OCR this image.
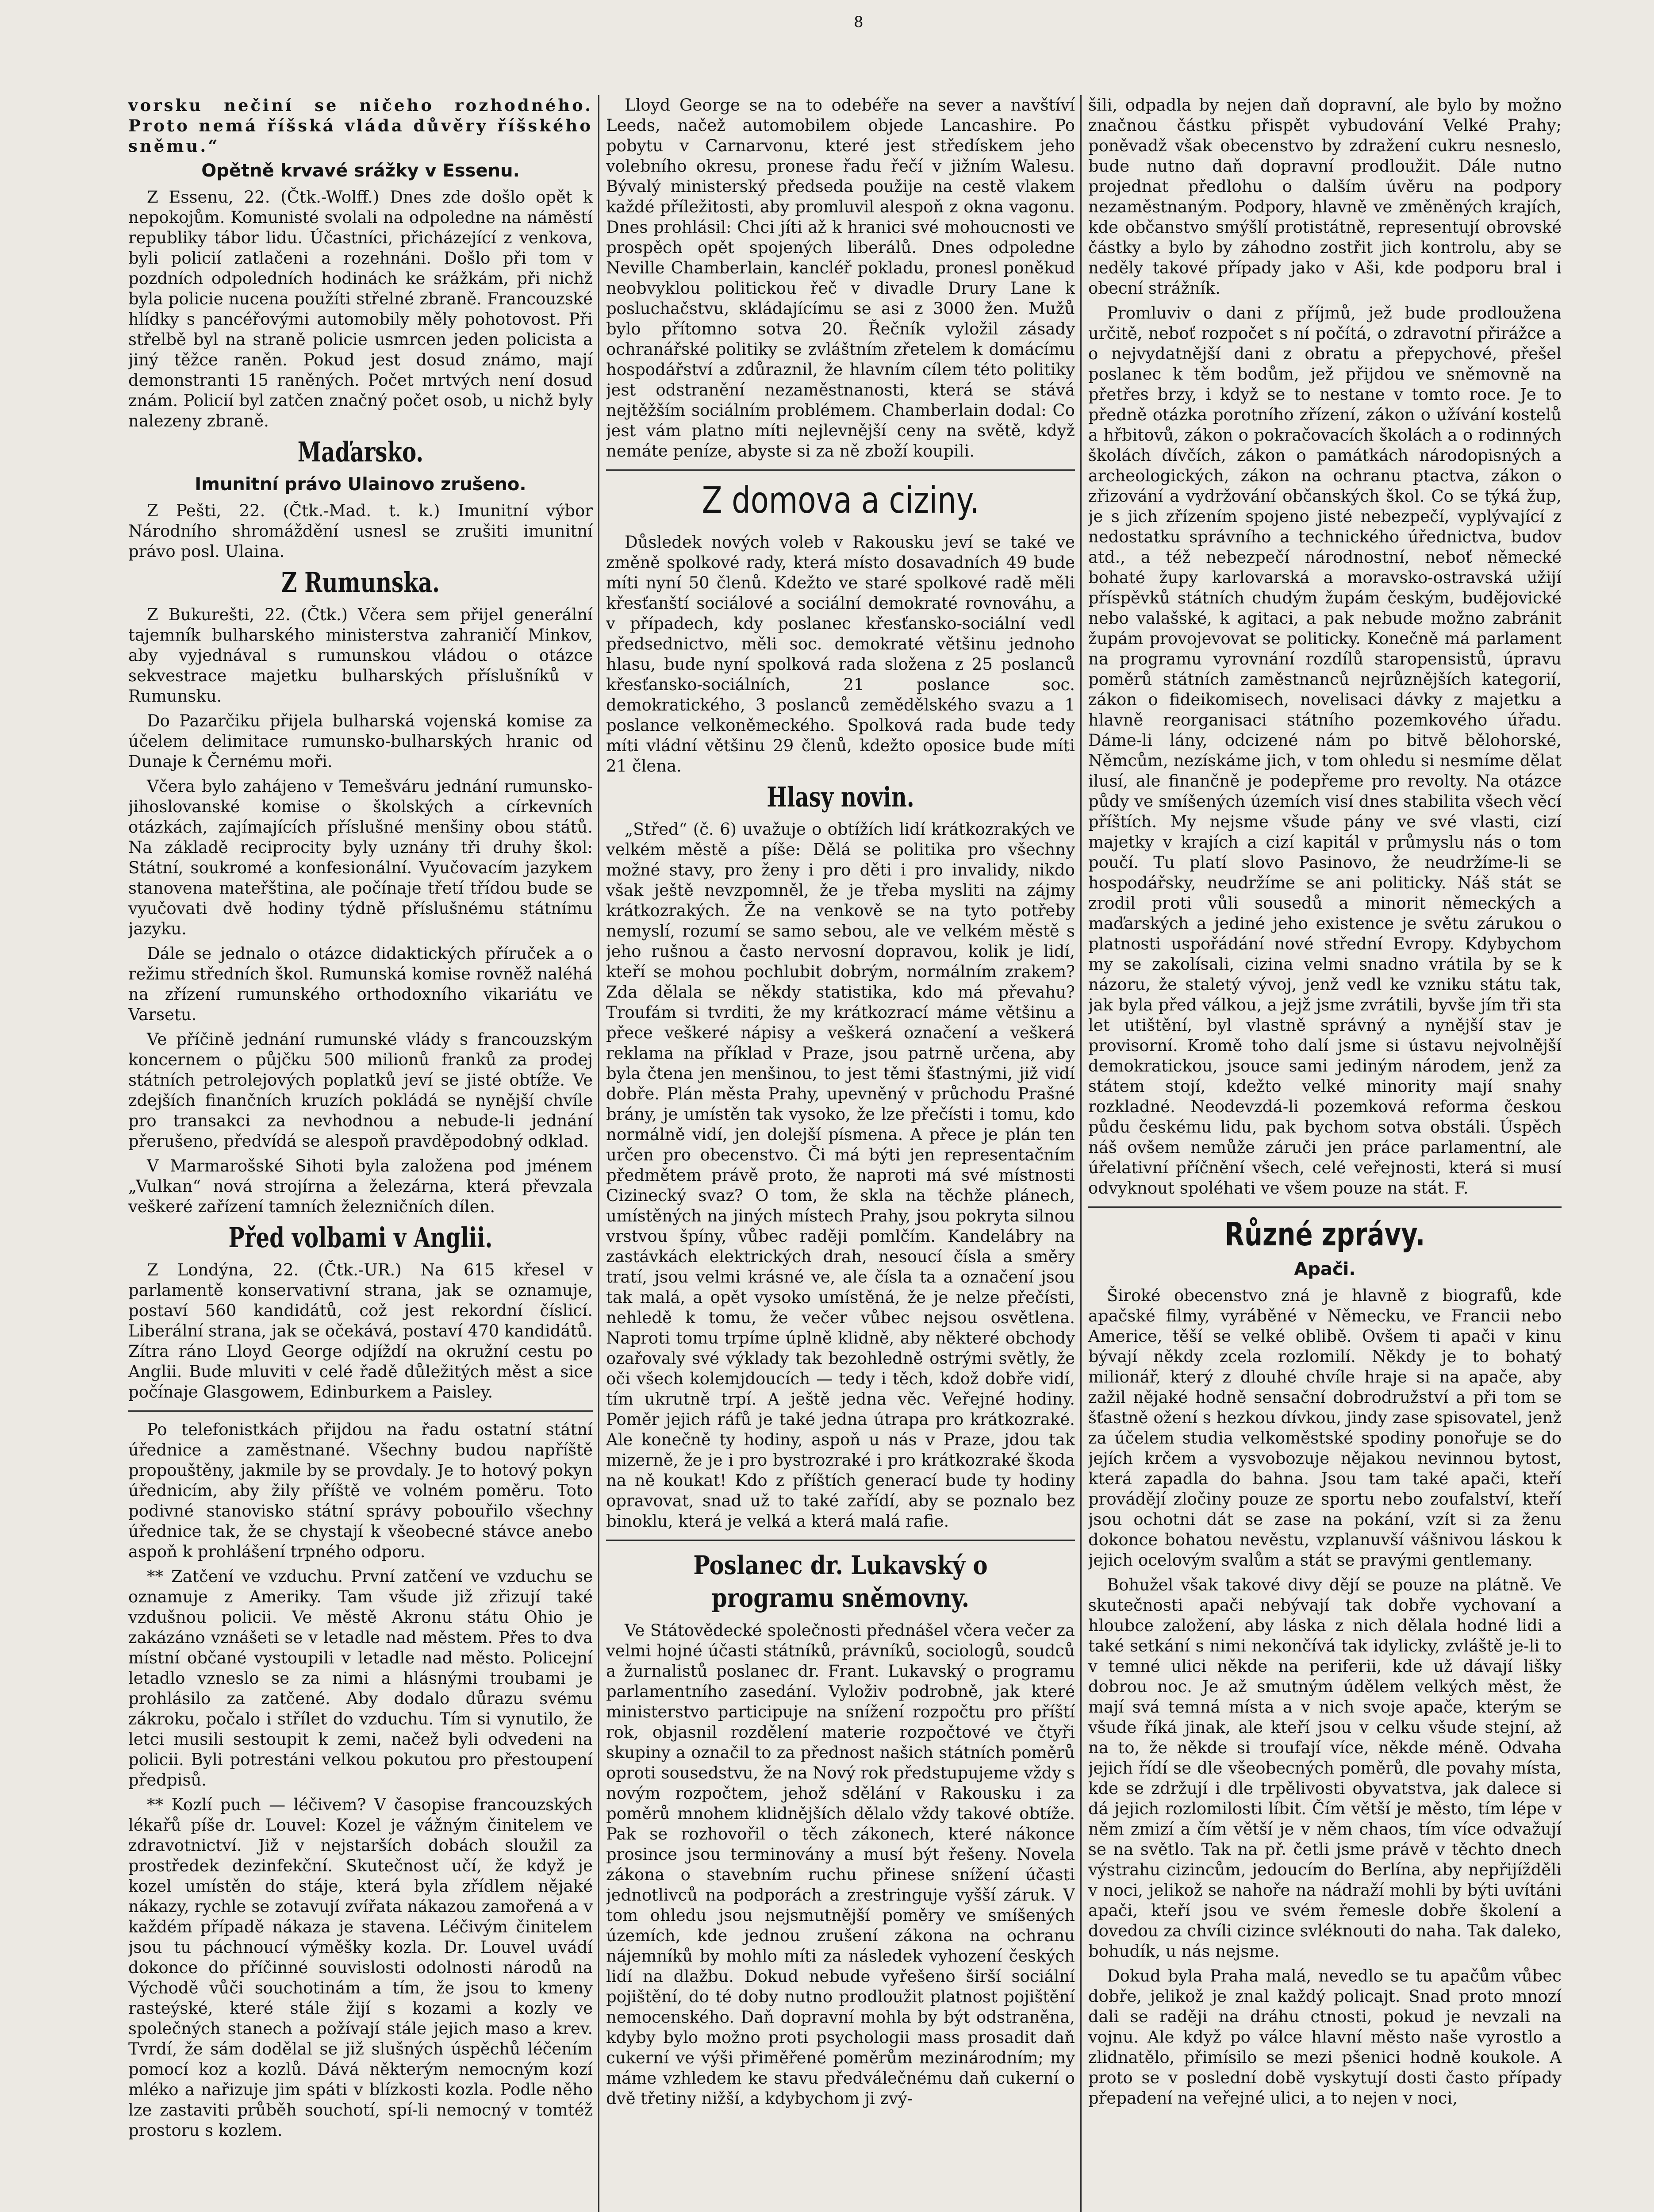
8

vorsku nečiní se ničeho rozhodného. Proto nemá říšská vláda důvěry říšského sněmu.“

Opětně krvavé srážky v Essenu.

Z Essenu, 22. (Čtk.-Wolff.) Dnes zde došlo opět k nepokojům. Komunisté svolali na odpoledne na náměstí republiky tábor lidu. Účastníci, přicházející z venkova, byli policií zatlačeni a rozehnáni. Došlo při tom v pozdních odpoledních hodinách ke srážkám, při nichž byla policie nucena použíti střelné zbraně. Francouzské hlídky s pancéřovými automobily měly pohotovost. Při střelbě byl na straně policie usmrcen jeden policista a jiný těžce raněn. Pokud jest dosud známo, mají demonstranti 15 raněných. Počet mrtvých není dosud znám. Policií byl zatčen značný počet osob, u nichž byly nalezeny zbraně.

Maďarsko.
Imunitní právo Ulainovo zrušeno.

Z Pešti, 22. (Čtk.-Mad. t. k.) Imunitní výbor Národního shromáždění usnesl se zrušiti imunitní právo posl. Ulaina.

Z Rumunska.

Z Bukurešti, 22. (Čtk.) Včera sem přijel generální tajemník bulharského ministerstva zahraničí Minkov, aby vyjednával s rumunskou vládou o otázce sekvestrace majetku bulharských příslušníků v Rumunsku.

Do Pazarčiku přijela bulharská vojenská komise za účelem delimitace rumunsko-bulharských hranic od Dunaje k Černému moři.

Včera bylo zahájeno v Temešváru jednání rumunsko-jihoslovanské komise o školských a církevních otázkách, zajímajících příslušné menšiny obou států. Na základě reciprocity byly uznány tři druhy škol: Státní, soukromé a konfesionální. Vyučovacím jazykem stanovena mateřština, ale počínaje třetí třídou bude se vyučovati dvě hodiny týdně příslušnému státnímu jazyku.

Dále se jednalo o otázce didaktických příruček a o režimu středních škol. Rumunská komise rovněž naléhá na zřízení rumunského orthodoxního vikariátu ve Varsetu.

Ve příčině jednání rumunské vlády s francouzským koncernem o půjčku 500 milionů franků za prodej státních petrolejových poplatků jeví se jisté obtíže. Ve zdejších finančních kruzích pokládá se nynější chvíle pro transakci za nevhodnou a nebude-li jednání přerušeno, předvídá se alespoň pravděpodobný odklad.

V Marmarošské Sihoti byla založena pod jménem „Vulkan“ nová strojírna a železárna, která převzala veškeré zařízení tamních železničních dílen.

Před volbami v Anglii.

Z Londýna, 22. (Čtk.-UR.) Na 615 křesel v parlamentě konservativní strana, jak se oznamuje, postaví 560 kandidátů, což jest rekordní číslicí. Liberální strana, jak se očekává, postaví 470 kandidátů. Zítra ráno Lloyd George odjíždí na okružní cestu po Anglii. Bude mluviti v celé řadě důležitých měst a sice počínaje Glasgowem, Edinburkem a Paisley.

Po telefonistkách přijdou na řadu ostatní státní úřednice a zaměstnané. Všechny budou napříště propouštěny, jakmile by se provdaly. Je to hotový pokyn úřednicím, aby žily příště ve volném poměru. Toto podivné stanovisko státní správy pobouřilo všechny úřednice tak, že se chystají k všeobecné stávce anebo aspoň k prohlášení trpného odporu.

** Zatčení ve vzduchu. První zatčení ve vzduchu se oznamuje z Ameriky. Tam všude již zřizují také vzdušnou policii. Ve městě Akronu státu Ohio je zakázáno vznášeti se v letadle nad městem. Přes to dva místní občané vystoupili v letadle nad město. Policejní letadlo vzneslo se za nimi a hlásnými troubami je prohlásilo za zatčené. Aby dodalo důrazu svému zákroku, počalo i střílet do vzduchu. Tím si vynutilo, že letci musili sestoupit k zemi, načež byli odvedeni na policii. Byli potrestáni velkou pokutou pro přestoupení předpisů.

** Kozlí puch — léčivem? V časopise francouzských lékařů píše dr. Louvel: Kozel je vážným činitelem ve zdravotnictví. Již v nejstarších dobách sloužil za prostředek dezinfekční. Skutečnost učí, že když je kozel umístěn do stáje, která byla zřídlem nějaké nákazy, rychle se zotavují zvířata nákazou zamořená a v každém případě nákaza je stavena. Léčivým činitelem jsou tu páchnoucí výměšky kozla. Dr. Louvel uvádí dokonce do příčinné souvislosti odolnosti národů na Východě vůči souchotinám a tím, že jsou to kmeny rasteýské, které stále žijí s kozami a kozly ve společných stanech a požívají stále jejich maso a krev. Tvrdí, že sám dodělal se již slušných úspěchů léčením pomocí koz a kozlů. Dává některým nemocným kozí mléko a nařizuje jim spáti v blízkosti kozla. Podle něho lze zastaviti průběh souchotí, spí-li nemocný v tomtéž prostoru s kozlem.

Lloyd George se na to odebéře na sever a navštíví Leeds, načež automobilem objede Lancashire. Po pobytu v Carnarvonu, které jest středískem jeho volebního okresu, pronese řadu řečí v jižním Walesu. Bývalý ministerský předseda použije na cestě vlakem každé příležitosti, aby promluvil alespoň z okna vagonu. Dnes prohlásil: Chci jíti až k hranici své mohoucnosti ve prospěch opět spojených liberálů. Dnes odpoledne Neville Chamberlain, kancléř pokladu, pronesl poněkud neobvyklou politickou řeč v divadle Drury Lane k posluchačstvu, skládajícímu se asi z 3000 žen. Mužů bylo přítomno sotva 20. Řečník vyložil zásady ochranářské politiky se zvláštním zřetelem k domácímu hospodářství a zdůraznil, že hlavním cílem této politiky jest odstranění nezaměstnanosti, která se stává nejtěžším sociálním problémem. Chamberlain dodal: Co jest vám platno míti nejlevnější ceny na světě, když nemáte peníze, abyste si za ně zboží koupili.

Z domova a ciziny.

Důsledek nových voleb v Rakousku jeví se také ve změně spolkové rady, která místo dosavadních 49 bude míti nyní 50 členů. Kdežto ve staré spolkové radě měli křesťanští sociálové a sociální demokraté rovnováhu, a v případech, kdy poslanec křesťansko-sociální vedl předsednictvo, měli soc. demokraté většinu jednoho hlasu, bude nyní spolková rada složena z 25 poslanců křesťansko-sociálních, 21 poslance soc. demokratického, 3 poslanců zemědělského svazu a 1 poslance velkoněmeckého. Spolková rada bude tedy míti vládní většinu 29 členů, kdežto oposice bude míti 21 člena.

Hlasy novin.

„Střed“ (č. 6) uvažuje o obtížích lidí krátkozrakých ve velkém městě a píše: Dělá se politika pro všechny možné stavy, pro ženy i pro děti i pro invalidy, nikdo však ještě nevzpomněl, že je třeba mysliti na zájmy krátkozrakých. Že na venkově se na tyto potřeby nemyslí, rozumí se samo sebou, ale ve velkém městě s jeho rušnou a často nervosní dopravou, kolik je lidí, kteří se mohou pochlubit dobrým, normálním zrakem? Zda dělala se někdy statistika, kdo má převahu? Troufám si tvrditi, že my krátkozrací máme většinu a přece veškeré nápisy a veškerá označení a veškerá reklama na příklad v Praze, jsou patrně určena, aby byla čtena jen menšinou, to jest těmi šťastnými, již vidí dobře. Plán města Prahy, upevněný v průchodu Prašné brány, je umístěn tak vysoko, že lze přečísti i tomu, kdo normálně vidí, jen dolejší písmena. A přece je plán ten určen pro obecenstvo. Či má býti jen representačním předmětem právě proto, že naproti má své místnosti Cizinecký svaz? O tom, že skla na těchže plánech, umístěných na jiných místech Prahy, jsou pokryta silnou vrstvou špíny, vůbec raději pomlčím. Kandelábry na zastávkách elektrických drah, nesoucí čísla a směry tratí, jsou velmi krásné ve, ale čísla ta a označení jsou tak malá, a opět vysoko umístěná, že je nelze přečísti, nehledě k tomu, že večer vůbec nejsou osvětlena. Naproti tomu trpíme úplně klidně, aby některé obchody ozařovaly své výklady tak bezohledně ostrými světly, že oči všech kolemjdoucích — tedy i těch, kdož dobře vidí, tím ukrutně trpí. A ještě jedna věc. Veřejné hodiny. Poměr jejich ráfů je také jedna útrapa pro krátkozraké. Ale konečně ty hodiny, aspoň u nás v Praze, jdou tak mizerně, že je i pro bystrozraké i pro krátkozraké škoda na ně koukat! Kdo z příštích generací bude ty hodiny opravovat, snad už to také zařídí, aby se poznalo bez binoklu, která je velká a která malá rafie.

Poslanec dr. Lukavský o programu sněmovny.

Ve Státovědecké společnosti přednášel včera večer za velmi hojné účasti státníků, právníků, sociologů, soudců a žurnalistů poslanec dr. Frant. Lukavský o programu parlamentního zasedání. Vyloživ podrobně, jak které ministerstvo participuje na snížení rozpočtu pro příští rok, objasnil rozdělení materie rozpočtové ve čtyři skupiny a označil to za přednost našich státních poměrů oproti sousedstvu, že na Nový rok předstupujeme vždy s novým rozpočtem, jehož sdělání v Rakousku i za poměrů mnohem klidnějších dělalo vždy takové obtíže. Pak se rozhovořil o těch zákonech, které nákonce prosince jsou terminovány a musí být řešeny. Novela zákona o stavebním ruchu přinese snížení účasti jednotlivců na podporách a zrestringuje vyšší záruk. V tom ohledu jsou nejsmutnější poměry ve smíšených územích, kde jednou zrušení zákona na ochranu nájemníků by mohlo míti za následek vyhození českých lidí na dlažbu. Dokud nebude vyřešeno širší sociální pojištění, do té doby nutno prodloužit platnost pojištění nemocenského. Daň dopravní mohla by být odstraněna, kdyby bylo možno proti psychologii mass prosadit daň cukerní ve výši přiměřené poměrům mezinárodním; my máme vzhledem ke stavu předválečnému daň cukerní o dvě třetiny nižší, a kdybychom ji zvý-

šili, odpadla by nejen daň dopravní, ale bylo by možno značnou částku přispět vybudování Velké Prahy; poněvadž však obecenstvo by zdražení cukru nesneslo, bude nutno daň dopravní prodloužit. Dále nutno projednat předlohu o dalším úvěru na podpory nezaměstnaným. Podpory, hlavně ve změněných krajích, kde občanstvo smýšlí protistátně, representují obrovské částky a bylo by záhodno zostřit jich kontrolu, aby se neděly takové případy jako v Aši, kde podporu bral i obecní strážník.

Promluviv o dani z příjmů, jež bude prodloužena určitě, neboť rozpočet s ní počítá, o zdravotní přirážce a o nejvydatnější dani z obratu a přepychové, přešel poslanec k těm bodům, jež přijdou ve sněmovně na přetřes brzy, i když se to nestane v tomto roce. Je to předně otázka porotního zřízení, zákon o užívání kostelů a hřbitovů, zákon o pokračovacích školách a o rodinných školách dívčích, zákon o památkách národopisných a archeologických, zákon na ochranu ptactva, zákon o zřizování a vydržování občanských škol. Co se týká žup, je s jich zřízením spojeno jisté nebezpečí, vyplývající z nedostatku správního a technického úřednictva, budov atd., a též nebezpečí národnostní, neboť německé bohaté župy karlovarská a moravsko-ostravská užijí příspěvků státních chudým župám českým, budějovické nebo valašské, k agitaci, a pak nebude možno zabránit župám provojevovat se politicky. Konečně má parlament na programu vyrovnání rozdílů staropensistů, úpravu poměrů státních zaměstnanců nejrůznějších kategorií, zákon o fideikomisech, novelisaci dávky z majetku a hlavně reorganisaci státního pozemkového úřadu. Dáme-li lány, odcizené nám po bitvě bělohorské, Němcům, nezískáme jich, v tom ohledu si nesmíme dělat ilusí, ale finančně je podepřeme pro revolty. Na otázce půdy ve smíšených územích visí dnes stabilita všech věcí příštích. My nejsme všude pány ve své vlasti, cizí majetky v krajích a cizí kapitál v průmyslu nás o tom poučí. Tu platí slovo Pasinovo, že neudržíme-li se hospodářsky, neudržíme se ani politicky. Náš stát se zrodil proti vůli sousedů a minorit německých a maďarských a jediné jeho existence je světu zárukou o platnosti uspořádání nové střední Evropy. Kdybychom my se zakolísali, cizina velmi snadno vrátila by se k názoru, že staletý vývoj, jenž vedl ke vzniku státu tak, jak byla před válkou, a jejž jsme zvrátili, byvše jím tři sta let utištění, byl vlastně správný a nynější stav je provisorní. Kromě toho dalí jsme si ústavu nejvolnější demokratickou, jsouce sami jediným národem, jenž za státem stojí, kdežto velké minority mají snahy rozkladné. Neodevzdá-li pozemková reforma českou půdu českému lidu, pak bychom sotva obstáli. Úspěch náš ovšem nemůže záruči jen práce parlamentní, ale úřelativní příčnění všech, celé veřejnosti, která si musí odvyknout spoléhati ve všem pouze na stát. F.

Různé zprávy.
Apači.

Široké obecenstvo zná je hlavně z biografů, kde apačské filmy, vyráběné v Německu, ve Francii nebo Americe, těší se velké oblibě. Ovšem ti apači v kinu bývají někdy zcela rozlomilí. Někdy je to bohatý milionář, který z dlouhé chvíle hraje si na apače, aby zažil nějaké hodně sensační dobrodružství a při tom se šťastně ožení s hezkou dívkou, jindy zase spisovatel, jenž za účelem studia velkoměstské spodiny ponořuje se do jejích krčem a vysvobozuje nějakou nevinnou bytost, která zapadla do bahna. Jsou tam také apači, kteří provádějí zločiny pouze ze sportu nebo zoufalství, kteří jsou ochotni dát se zase na pokání, vzít si za ženu dokonce bohatou nevěstu, vzplanuvší vášnivou láskou k jejich ocelovým svalům a stát se pravými gentlemany.

Bohužel však takové divy dějí se pouze na plátně. Ve skutečnosti apači nebývají tak dobře vychovaní a hloubce založení, aby láska z nich dělala hodné lidi a také setkání s nimi nekončívá tak idylicky, zvláště je-li to v temné ulici někde na periferii, kde už dávají lišky dobrou noc. Je až smutným údělem velkých měst, že mají svá temná místa a v nich svoje apače, kterým se všude říká jinak, ale kteří jsou v celku všude stejní, až na to, že někde si troufají více, někde méně. Odvaha jejich řídí se dle všeobecných poměrů, dle povahy místa, kde se zdržují i dle trpělivosti obyvatstva, jak dalece si dá jejich rozlomilosti líbit. Čím větší je město, tím lépe v něm zmizí a čím větší je v něm chaos, tím více odvažují se na světlo. Tak na př. četli jsme právě v těchto dnech výstrahu cizincům, jedoucím do Berlína, aby nepřijížděli v noci, jelikož se nahoře na nádraží mohli by býti uvítáni apači, kteří jsou ve svém řemesle dobře školení a dovedou za chvíli cizince svléknouti do naha. Tak daleko, bohudík, u nás nejsme.

Dokud byla Praha malá, nevedlo se tu apačům vůbec dobře, jelikož je znal každý policajt. Snad proto mnozí dali se raději na dráhu ctnosti, pokud je nevzali na vojnu. Ale když po válce hlavní město naše vyrostlo a zlidnatělo, přimísilo se mezi pšenici hodně koukole. A proto se v poslední době vyskytují dosti často případy přepadení na veřejné ulici, a to nejen v noci,
